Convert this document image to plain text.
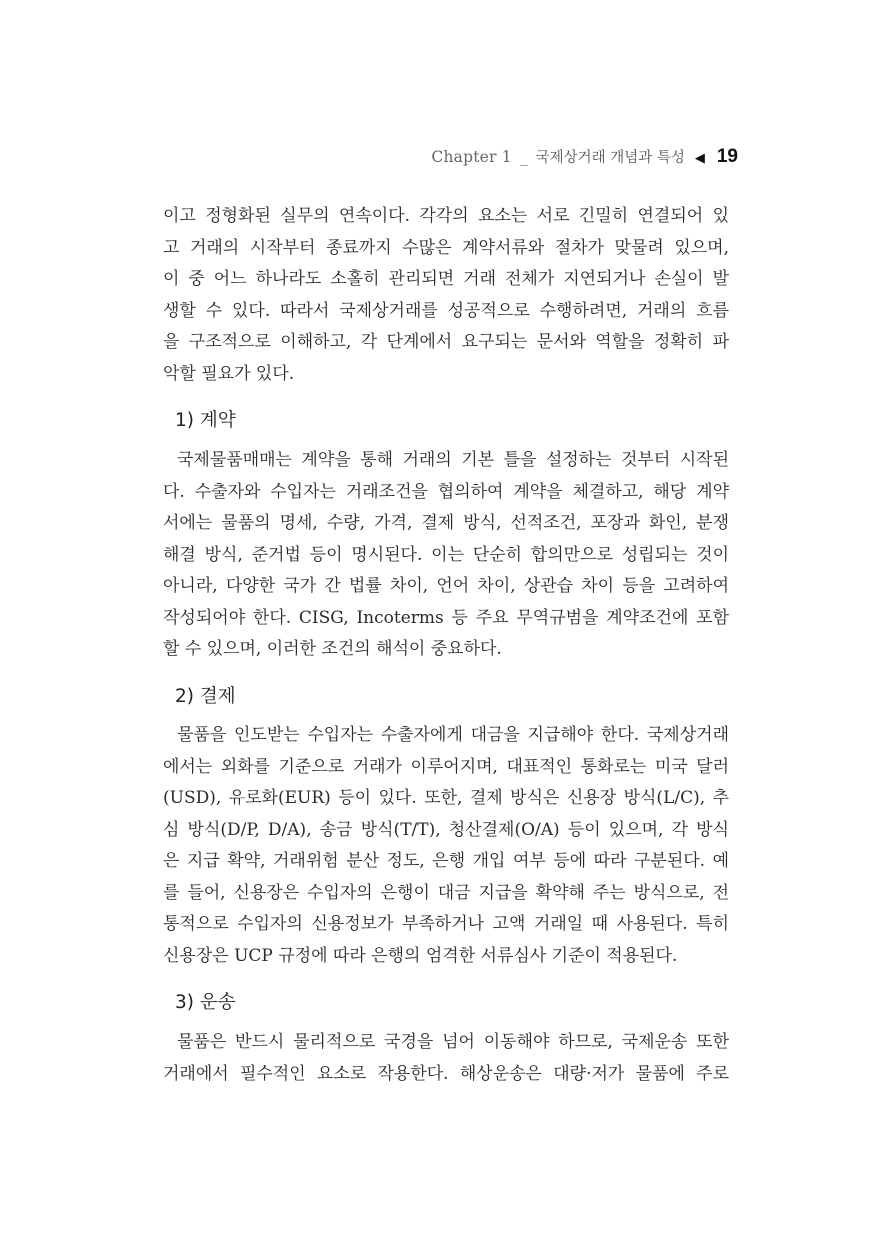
Chapter 1 _ 국제상거래 개념과 특성 ◀ 19
이고 정형화된 실무의 연속이다. 각각의 요소는 서로 긴밀히 연결되어 있
고 거래의 시작부터 종료까지 수많은 계약서류와 절차가 맞물려 있으며,
이 중 어느 하나라도 소홀히 관리되면 거래 전체가 지연되거나 손실이 발
생할 수 있다. 따라서 국제상거래를 성공적으로 수행하려면, 거래의 흐름
을 구조적으로 이해하고, 각 단계에서 요구되는 문서와 역할을 정확히 파
악할 필요가 있다.
1) 계약
국제물품매매는 계약을 통해 거래의 기본 틀을 설정하는 것부터 시작된
다. 수출자와 수입자는 거래조건을 협의하여 계약을 체결하고, 해당 계약
서에는 물품의 명세, 수량, 가격, 결제 방식, 선적조건, 포장과 화인, 분쟁
해결 방식, 준거법 등이 명시된다. 이는 단순히 합의만으로 성립되는 것이
아니라, 다양한 국가 간 법률 차이, 언어 차이, 상관습 차이 등을 고려하여
작성되어야 한다. CISG, Incoterms 등 주요 무역규범을 계약조건에 포함
할 수 있으며, 이러한 조건의 해석이 중요하다.
2) 결제
물품을 인도받는 수입자는 수출자에게 대금을 지급해야 한다. 국제상거래
에서는 외화를 기준으로 거래가 이루어지며, 대표적인 통화로는 미국 달러
(USD), 유로화(EUR) 등이 있다. 또한, 결제 방식은 신용장 방식(L/C), 추
심 방식(D/P, D/A), 송금 방식(T/T), 청산결제(O/A) 등이 있으며, 각 방식
은 지급 확약, 거래위험 분산 정도, 은행 개입 여부 등에 따라 구분된다. 예
를 들어, 신용장은 수입자의 은행이 대금 지급을 확약해 주는 방식으로, 전
통적으로 수입자의 신용정보가 부족하거나 고액 거래일 때 사용된다. 특히
신용장은 UCP 규정에 따라 은행의 엄격한 서류심사 기준이 적용된다.
3) 운송
물품은 반드시 물리적으로 국경을 넘어 이동해야 하므로, 국제운송 또한
거래에서 필수적인 요소로 작용한다. 해상운송은 대량·저가 물품에 주로
